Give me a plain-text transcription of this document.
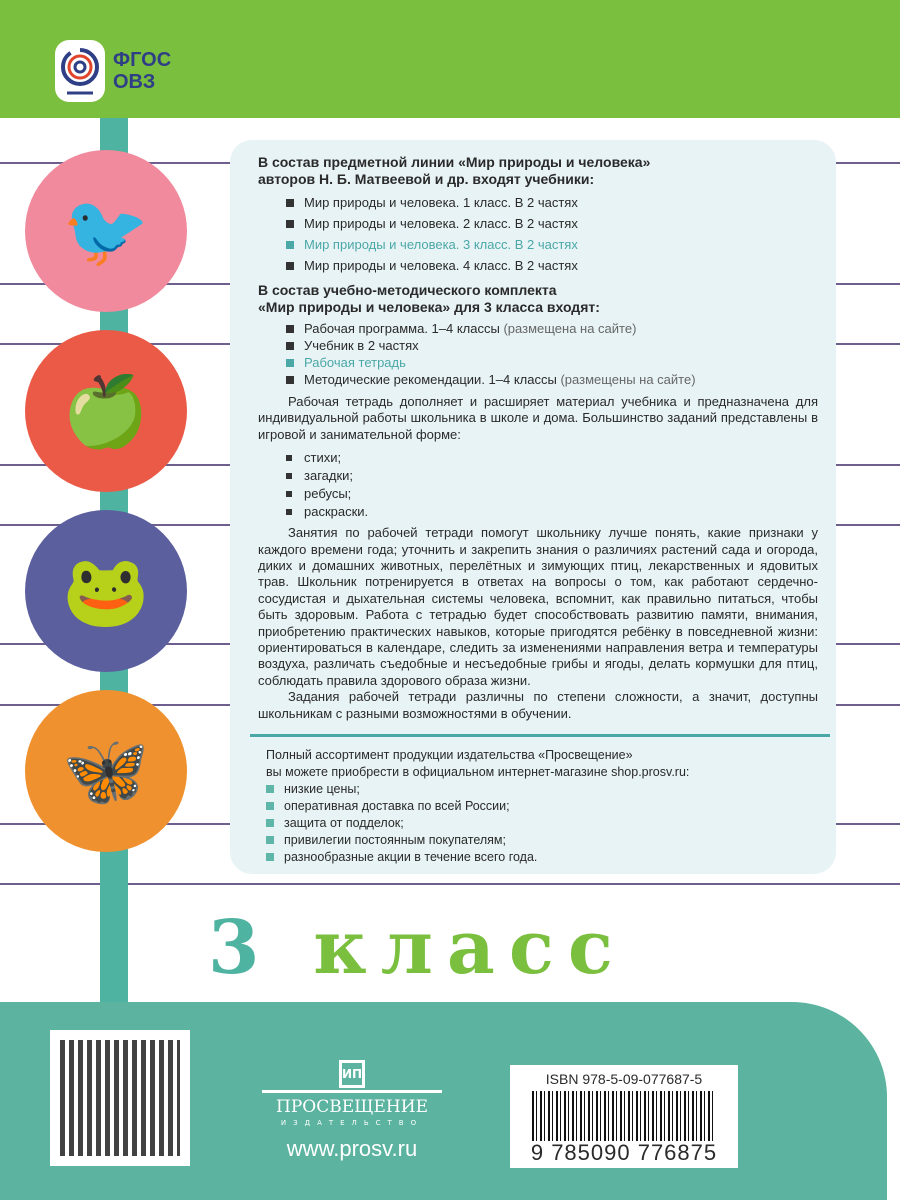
ФГОС
ОВЗ
🐦
🍏
🐸
🦋
В состав предметной линии «Мир природы и человека»
авторов Н. Б. Матвеевой и др. входят учебники:
Мир природы и человека. 1 класс. В 2 частях
Мир природы и человека. 2 класс. В 2 частях
Мир природы и человека. 3 класс. В 2 частях
Мир природы и человека. 4 класс. В 2 частях
В состав учебно-методического комплекта
«Мир природы и человека» для 3 класса входят:
Рабочая программа. 1–4 классы (размещена на сайте)
Учебник в 2 частях
Рабочая тетрадь
Методические рекомендации. 1–4 классы (размещены на сайте)

Рабочая тетрадь дополняет и расширяет материал учебника и предназначена для индивидуальной работы школьника в школе и дома. Большинство заданий представлены в игровой и занимательной форме:

стихи;
загадки;
ребусы;
раскраски.

Занятия по рабочей тетради помогут школьнику лучше понять, какие признаки у каждого времени года; уточнить и закрепить знания о различиях растений сада и огорода, диких и домашних животных, перелётных и зимующих птиц, лекарственных и ядовитых трав. Школьник потренируется в ответах на вопросы о том, как работают сердечно-сосудистая и дыхательная системы человека, вспомнит, как правильно питаться, чтобы быть здоровым. Работа с тетрадью будет способствовать развитию памяти, внимания, приобретению практических навыков, которые пригодятся ребёнку в повседневной жизни: ориентироваться в календаре, следить за изменениями направления ветра и температуры воздуха, различать съедобные и несъедобные грибы и ягоды, делать кормушки для птиц, соблюдать правила здорового образа жизни.

Задания рабочей тетради различны по степени сложности, а значит, доступны школьникам с разными возможностями в обучении.

Полный ассортимент продукции издательства «Просвещение»
вы можете приобрести в официальном интернет-магазине shop.prosv.ru:
низкие цены;
оперативная доставка по всей России;
защита от подделок;
привилегии постоянным покупателям;
разнообразные акции в течение всего года.
3 класс
ИП
ПРОСВЕЩЕНИЕ
ИЗДАТЕЛЬСТВО
www.prosv.ru
ISBN 978-5-09-077687-5
9 785090 776875
